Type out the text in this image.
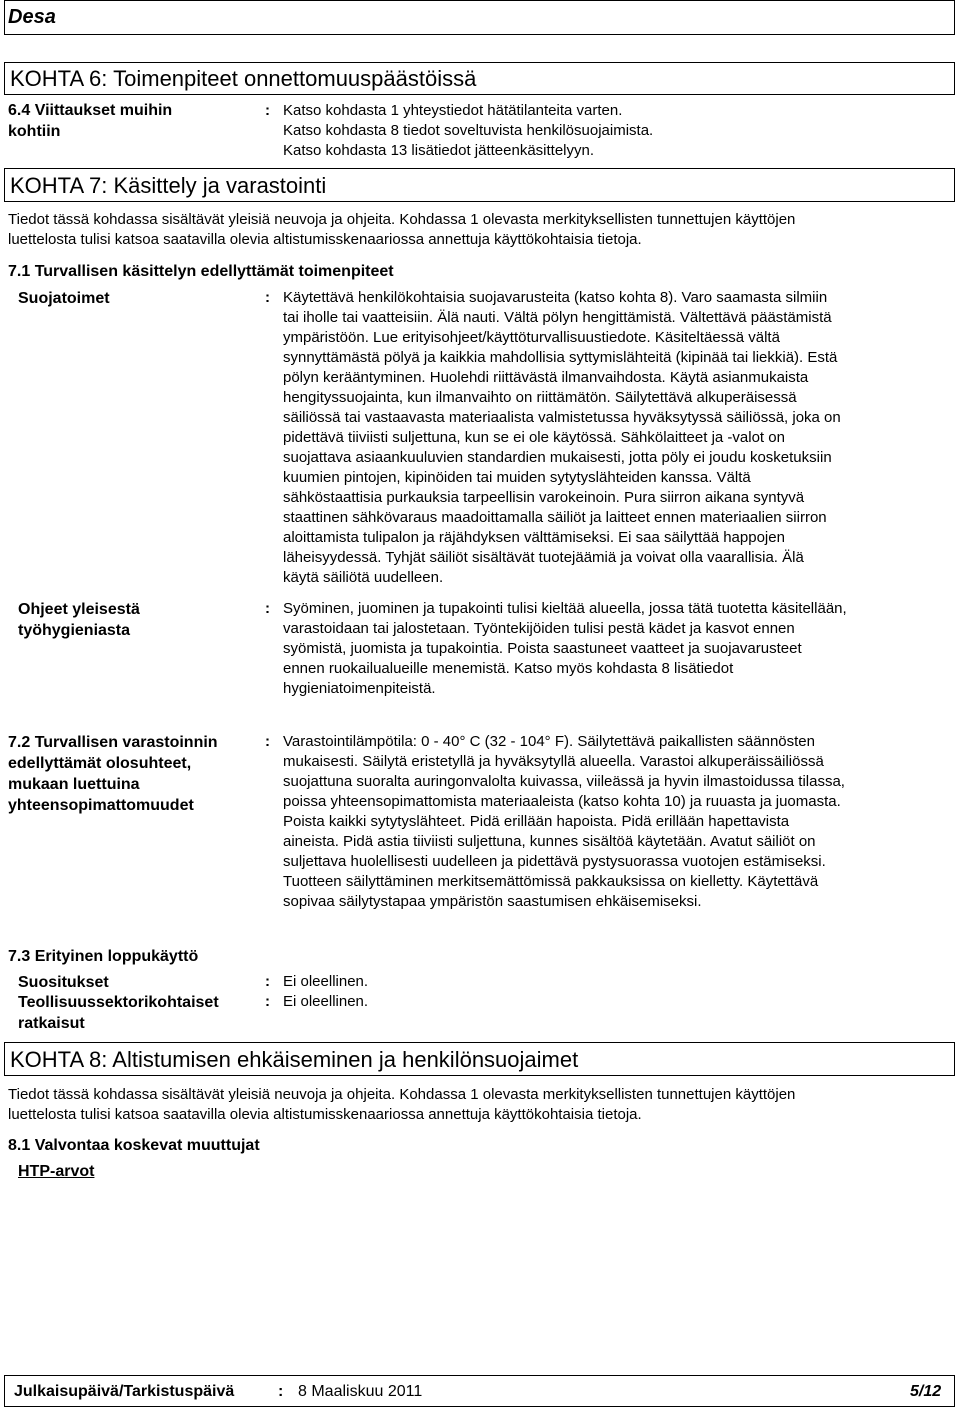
Desa
KOHTA 6: Toimenpiteet onnettomuuspäästöissä
6.4 Viittaukset muihin
kohtiin
: Katso kohdasta 1 yhteystiedot hätätilanteita varten.
Katso kohdasta 8 tiedot soveltuvista henkilösuojaimista.
Katso kohdasta 13 lisätiedot jätteenkäsittelyyn.
KOHTA 7: Käsittely ja varastointi
Tiedot tässä kohdassa sisältävät yleisiä neuvoja ja ohjeita. Kohdassa 1 olevasta merkityksellisten tunnettujen käyttöjen
luettelosta tulisi katsoa saatavilla olevia altistumisskenaariossa annettuja käyttökohtaisia tietoja.
7.1 Turvallisen käsittelyn edellyttämät toimenpiteet
Suojatoimet	: Käytettävä henkilökohtaisia suojavarusteita (katso kohta 8). Varo saamasta silmiin
tai iholle tai vaatteisiin. Älä nauti. Vältä pölyn hengittämistä. Vältettävä päästämistä
ympäristöön. Lue erityisohjeet/käyttöturvallisuustiedote. Käsiteltäessä vältä
synnyttämästä pölyä ja kaikkia mahdollisia syttymislähteitä (kipinää tai liekkiä). Estä
pölyn kerääntyminen. Huolehdi riittävästä ilmanvaihdosta. Käytä asianmukaista
hengityssuojainta, kun ilmanvaihto on riittämätön. Säilytettävä alkuperäisessä
säiliössä tai vastaavasta materiaalista valmistetussa hyväksytyssä säiliössä, joka on
pidettävä tiiviisti suljettuna, kun se ei ole käytössä. Sähkölaitteet ja -valot on
suojattava asiaankuuluvien standardien mukaisesti, jotta pöly ei joudu kosketuksiin
kuumien pintojen, kipinöiden tai muiden sytytyslähteiden kanssa. Vältä
sähköstaattisia purkauksia tarpeellisin varokeinoin. Pura siirron aikana syntyvä
staattinen sähkövaraus maadoittamalla säiliöt ja laitteet ennen materiaalien siirron
aloittamista tulipalon ja räjähdyksen välttämiseksi. Ei saa säilyttää happojen
läheisyydessä. Tyhjät säiliöt sisältävät tuotejäämiä ja voivat olla vaarallisia. Älä
käytä säiliötä uudelleen.
Ohjeet yleisestä
työhygieniasta
: Syöminen, juominen ja tupakointi tulisi kieltää alueella, jossa tätä tuotetta käsitellään,
varastoidaan tai jalostetaan. Työntekijöiden tulisi pestä kädet ja kasvot ennen
syömistä, juomista ja tupakointia. Poista saastuneet vaatteet ja suojavarusteet
ennen ruokailualueille menemistä. Katso myös kohdasta 8 lisätiedot
hygieniatoimenpiteistä.
7.2 Turvallisen varastoinnin
edellyttämät olosuhteet,
mukaan luettuina
yhteensopimattomuudet
: Varastointilämpötila: 0 - 40° C (32 - 104° F). Säilytettävä paikallisten säännösten
mukaisesti. Säilytä eristetyllä ja hyväksytyllä alueella. Varastoi alkuperäissäiliössä
suojattuna suoralta auringonvalolta kuivassa, viileässä ja hyvin ilmastoidussa tilassa,
poissa yhteensopimattomista materiaaleista (katso kohta 10) ja ruuasta ja juomasta.
Poista kaikki sytytyslähteet. Pidä erillään hapoista. Pidä erillään hapettavista
aineista. Pidä astia tiiviisti suljettuna, kunnes sisältöä käytetään. Avatut säiliöt on
suljettava huolellisesti uudelleen ja pidettävä pystysuorassa vuotojen estämiseksi.
Tuotteen säilyttäminen merkitsemättömissä pakkauksissa on kielletty. Käytettävä
sopivaa säilytystapaa ympäristön saastumisen ehkäisemiseksi.
7.3 Erityinen loppukäyttö
Suositukset	: Ei oleellinen.
Teollisuussektorikohtaiset
ratkaisut
: Ei oleellinen.
KOHTA 8: Altistumisen ehkäiseminen ja henkilönsuojaimet
Tiedot tässä kohdassa sisältävät yleisiä neuvoja ja ohjeita. Kohdassa 1 olevasta merkityksellisten tunnettujen käyttöjen
luettelosta tulisi katsoa saatavilla olevia altistumisskenaariossa annettuja käyttökohtaisia tietoja.
8.1 Valvontaa koskevat muuttujat
HTP-arvot
Julkaisupäivä/Tarkistuspäivä	: 8 Maaliskuu 2011	5/12
